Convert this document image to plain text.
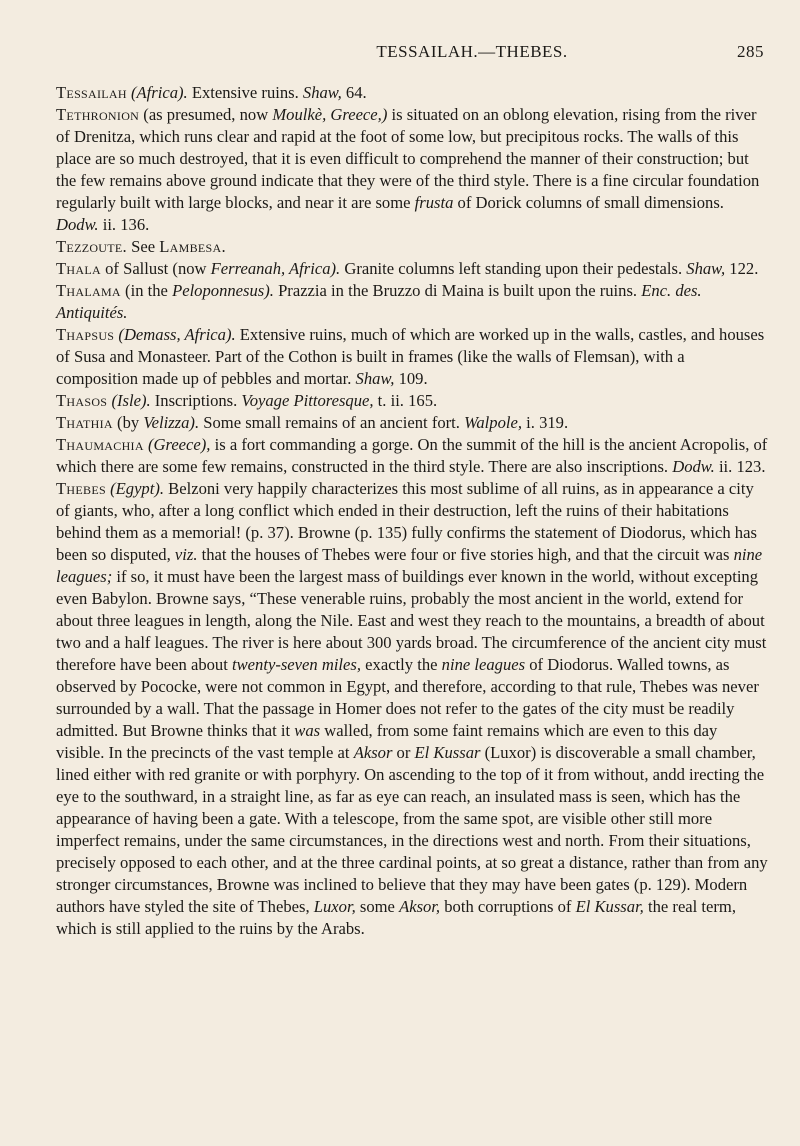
TESSAILAH.—THEBES.	285

Tessailah (Africa). Extensive ruins. Shaw, 64.

Tethronion (as presumed, now Moulkè, Greece,) is situated on an oblong elevation, rising from the river of Drenitza, which runs clear and rapid at the foot of some low, but precipitous rocks. The walls of this place are so much destroyed, that it is even difficult to comprehend the manner of their construction; but the few remains above ground indicate that they were of the third style. There is a fine circular foundation regularly built with large blocks, and near it are some frusta of Dorick columns of small dimensions. Dodw. ii. 136.

Tezzoute. See Lambesa.

Thala of Sallust (now Ferreanah, Africa). Granite columns left standing upon their pedestals. Shaw, 122.

Thalama (in the Peloponnesus). Prazzia in the Bruzzo di Maina is built upon the ruins. Enc. des. Antiquités.

Thapsus (Demass, Africa). Extensive ruins, much of which are worked up in the walls, castles, and houses of Susa and Monasteer. Part of the Cothon is built in frames (like the walls of Flemsan), with a composition made up of pebbles and mortar. Shaw, 109.

Thasos (Isle). Inscriptions. Voyage Pittoresque, t. ii. 165.

Thathia (by Velizza). Some small remains of an ancient fort. Walpole, i. 319.

Thaumachia (Greece), is a fort commanding a gorge. On the summit of the hill is the ancient Acropolis, of which there are some few remains, constructed in the third style. There are also inscriptions. Dodw. ii. 123.

Thebes (Egypt). Belzoni very happily characterizes this most sublime of all ruins, as in appearance a city of giants, who, after a long conflict which ended in their destruction, left the ruins of their habitations behind them as a memorial! (p. 37). Browne (p. 135) fully confirms the statement of Diodorus, which has been so disputed, viz. that the houses of Thebes were four or five stories high, and that the circuit was nine leagues; if so, it must have been the largest mass of buildings ever known in the world, without excepting even Babylon. Browne says, “These venerable ruins, probably the most ancient in the world, extend for about three leagues in length, along the Nile. East and west they reach to the mountains, a breadth of about two and a half leagues. The river is here about 300 yards broad. The circumference of the ancient city must therefore have been about twenty-seven miles, exactly the nine leagues of Diodorus. Walled towns, as observed by Pococke, were not common in Egypt, and therefore, according to that rule, Thebes was never surrounded by a wall. That the passage in Homer does not refer to the gates of the city must be readily admitted. But Browne thinks that it was walled, from some faint remains which are even to this day visible. In the precincts of the vast temple at Aksor or El Kussar (Luxor) is discoverable a small chamber, lined either with red granite or with porphyry. On ascending to the top of it from without, andd irecting the eye to the southward, in a straight line, as far as eye can reach, an insulated mass is seen, which has the appearance of having been a gate. With a telescope, from the same spot, are visible other still more imperfect remains, under the same circumstances, in the directions west and north. From their situations, precisely opposed to each other, and at the three cardinal points, at so great a distance, rather than from any stronger circumstances, Browne was inclined to believe that they may have been gates (p. 129). Modern authors have styled the site of Thebes, Luxor, some Aksor, both corruptions of El Kussar, the real term, which is still applied to the ruins by the Arabs.
